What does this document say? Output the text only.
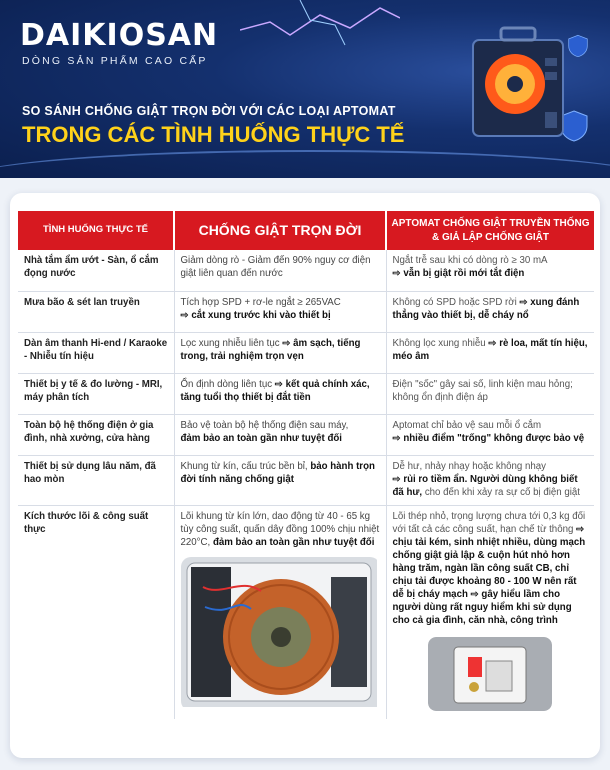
DAIKIOSAN
DÒNG SẢN PHẨM CAO CẤP
SO SÁNH CHỐNG GIẬT TRỌN ĐỜI VỚI CÁC LOẠI APTOMAT
TRONG CÁC TÌNH HUỐNG THỰC TẾ
TÌNH HUỐNG THỰC TẾ	CHỐNG GIẬT TRỌN ĐỜI	APTOMAT CHỐNG GIẬT TRUYỀN THỐNG & GIẢ LẬP CHỐNG GIẬT
Nhà tắm ẩm ướt - Sàn, ổ cắm đọng nước	Giảm dòng rò - Giảm đến 90% nguy cơ điện giật liên quan đến nước	Ngắt trễ sau khi có dòng rò ≥ 30 mA
⇨ vẫn bị giật rồi mới tắt điện
Mưa bão & sét lan truyền	Tích hợp SPD + rơ-le ngắt ≥ 265VAC
⇨ cắt xung trước khi vào thiết bị	Không có SPD hoặc SPD rời ⇨ xung đánh thẳng vào thiết bị, dễ cháy nổ
Dàn âm thanh Hi-end / Karaoke - Nhiễu tín hiệu	Lọc xung nhiễu liên tục ⇨ âm sạch, tiếng trong, trải nghiệm trọn vẹn	Không lọc xung nhiễu ⇨ rè loa, mất tín hiệu, méo âm
Thiết bị y tế & đo lường - MRI, máy phân tích	Ổn định dòng liên tục ⇨ kết quả chính xác, tăng tuổi thọ thiết bị đắt tiền	Điện "sốc" gây sai số, linh kiện mau hỏng; không ổn định điện áp
Toàn bộ hệ thống điện ở gia đình, nhà xưởng, cửa hàng	Bảo vệ toàn bộ hệ thống điện sau máy,
đảm bảo an toàn gần như tuyệt đối	Aptomat chỉ bảo vệ sau mỗi ổ cắm
⇨ nhiều điểm "trống" không được bảo vệ
Thiết bị sử dụng lâu năm, đã hao mòn	Khung từ kín, cấu trúc bền bỉ, bảo hành trọn đời tính năng chống giật	Dễ hư, nhảy nhạy hoặc không nhạy
⇨ rủi ro tiềm ẩn. Người dùng không biết đã hư, cho đến khi xảy ra sự cố bị điện giật
Kích thước lõi & công suất thực	Lõi khung từ kín lớn, dao động từ 40 - 65 kg tùy công suất, quấn dây đồng 100% chịu nhiệt 220°C, đảm bảo an toàn gần như tuyệt đối	Lõi thép nhỏ, trọng lượng chưa tới 0,3 kg đối với tất cả các công suất, hạn chế từ thông ⇨ chịu tải kém, sinh nhiệt nhiều, dùng mạch chống giật giả lập & cuộn hút nhỏ hơn hàng trăm, ngàn lần công suất CB, chỉ chịu tải được khoảng 80 - 100 W nên rất dễ bị cháy mạch ⇨ gây hiểu lầm cho người dùng rất nguy hiểm khi sử dụng cho cả gia đình, căn nhà, công trình
